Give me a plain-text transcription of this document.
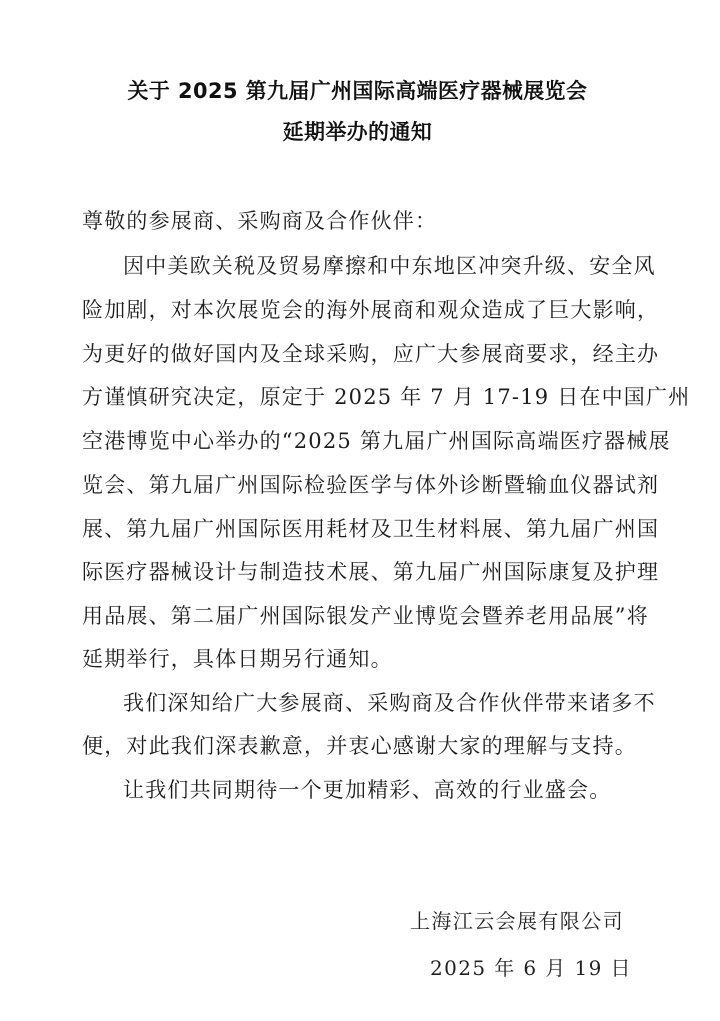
关于 2025 第九届广州国际高端医疗器械展览会
延期举办的通知
尊敬的参展商、采购商及合作伙伴：
因中美欧关税及贸易摩擦和中东地区冲突升级、安全风
险加剧，对本次展览会的海外展商和观众造成了巨大影响，
为更好的做好国内及全球采购，应广大参展商要求，经主办
方谨慎研究决定，原定于 2025 年 7 月 17-19 日在中国广州
空港博览中心举办的“2025 第九届广州国际高端医疗器械展
览会、第九届广州国际检验医学与体外诊断暨输血仪器试剂
展、第九届广州国际医用耗材及卫生材料展、第九届广州国
际医疗器械设计与制造技术展、第九届广州国际康复及护理
用品展、第二届广州国际银发产业博览会暨养老用品展”将
延期举行，具体日期另行通知。
我们深知给广大参展商、采购商及合作伙伴带来诸多不
便，对此我们深表歉意，并衷心感谢大家的理解与支持。
让我们共同期待一个更加精彩、高效的行业盛会。
上海江云会展有限公司
2025 年 6 月 19 日
